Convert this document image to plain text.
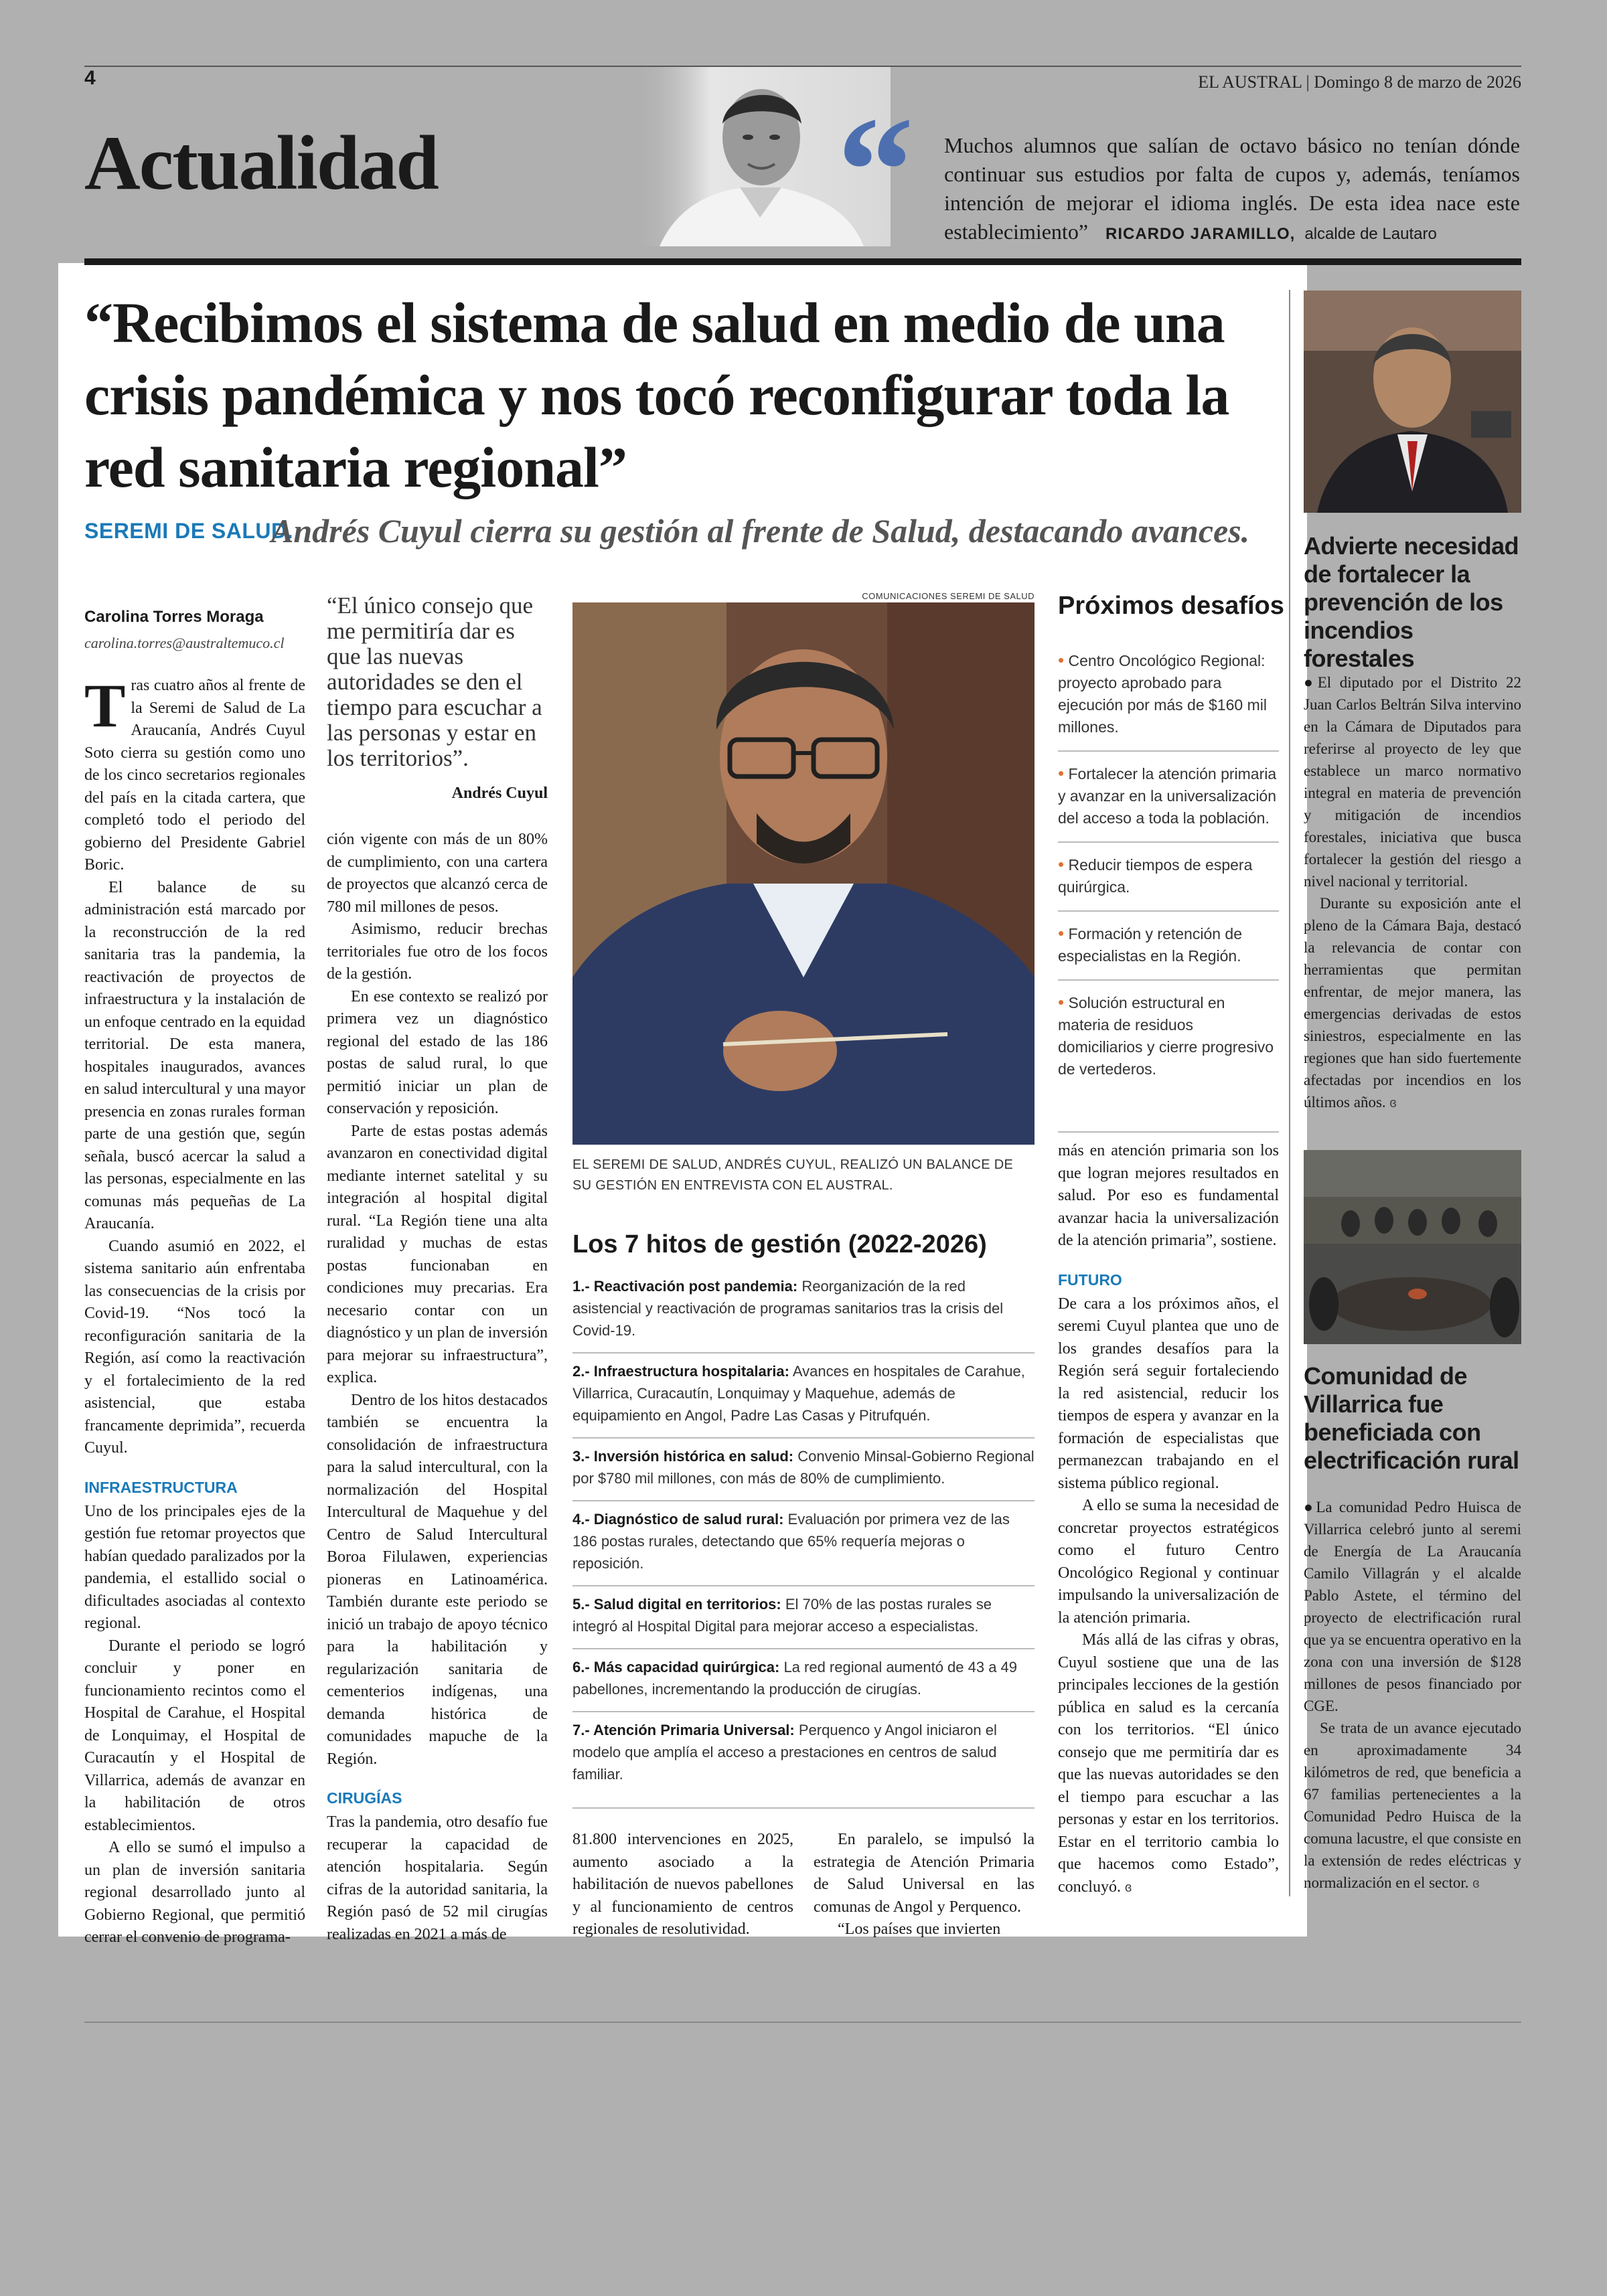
4	EL AUSTRAL | Domingo 8 de marzo de 2026
Actualidad	“ Muchos alumnos que salían de octavo básico no tenían dónde continuar sus estudios por falta de cupos y, además, teníamos intención de mejorar el idioma inglés. De esta idea nace este establecimiento” RICARDO JARAMILLO, alcalde de Lautaro
“Recibimos el sistema de salud en medio de una crisis pandémica y nos tocó reconfigurar toda la red sanitaria regional”
SEREMI DE SALUD.
Andrés Cuyul cierra su gestión al frente de Salud, destacando avances.
Carolina Torres Moraga
carolina.torres@australtemuco.cl

Tras cuatro años al frente de la Seremi de Salud de La Araucanía, Andrés Cuyul Soto cierra su gestión como uno de los cinco secretarios regionales del país en la citada cartera, que completó todo el periodo del gobierno del Presidente Gabriel Boric.

El balance de su administración está marcado por la reconstrucción de la red sanitaria tras la pandemia, la reactivación de proyectos de infraestructura y la instalación de un enfoque centrado en la equidad territorial. De esta manera, hospitales inaugurados, avances en salud intercultural y una mayor presencia en zonas rurales forman parte de una gestión que, según señala, buscó acercar la salud a las personas, especialmente en las comunas más pequeñas de La Araucanía.

Cuando asumió en 2022, el sistema sanitario aún enfrentaba las consecuencias de la crisis por Covid-19. “Nos tocó la reconfiguración sanitaria de la Región, así como la reactivación y el fortalecimiento de la red asistencial, que estaba francamente deprimida”, recuerda Cuyul.

INFRAESTRUCTURA

Uno de los principales ejes de la gestión fue retomar proyectos que habían quedado paralizados por la pandemia, el estallido social o dificultades asociadas al contexto regional.

Durante el periodo se logró concluir y poner en funcionamiento recintos como el Hospital de Carahue, el Hospital de Lonquimay, el Hospital de Curacautín y el Hospital de Villarrica, además de avanzar en la habilitación de otros establecimientos.

A ello se sumó el impulso a un plan de inversión sanitaria regional desarrollado junto al Gobierno Regional, que permitió cerrar el convenio de programa-

“El único consejo que me permitiría dar es que las nuevas autoridades se den el tiempo para escuchar a las personas y estar en los territorios”.
Andrés Cuyul

ción vigente con más de un 80% de cumplimiento, con una cartera de proyectos que alcanzó cerca de 780 mil millones de pesos.

Asimismo, reducir brechas territoriales fue otro de los focos de la gestión.

En ese contexto se realizó por primera vez un diagnóstico regional del estado de las 186 postas de salud rural, lo que permitió iniciar un plan de conservación y reposición.

Parte de estas postas además avanzaron en conectividad digital mediante internet satelital y su integración al hospital digital rural. “La Región tiene una alta ruralidad y muchas de estas postas funcionaban en condiciones muy precarias. Era necesario contar con un diagnóstico y un plan de inversión para mejorar su infraestructura”, explica.

Dentro de los hitos destacados también se encuentra la consolidación de infraestructura para la salud intercultural, con la normalización del Hospital Intercultural de Maquehue y del Centro de Salud Intercultural Boroa Filulawen, experiencias pioneras en Latinoamérica. También durante este periodo se inició un trabajo de apoyo técnico para la habilitación y regularización sanitaria de cementerios indígenas, una demanda histórica de comunidades mapuche de la Región.

CIRUGÍAS

Tras la pandemia, otro desafío fue recuperar la capacidad de atención hospitalaria. Según cifras de la autoridad sanitaria, la Región pasó de 52 mil cirugías realizadas en 2021 a más de

COMUNICACIONES SEREMI DE SALUD
EL SEREMI DE SALUD, ANDRÉS CUYUL, REALIZÓ UN BALANCE DE SU GESTIÓN EN ENTREVISTA CON EL AUSTRAL.
Los 7 hitos de gestión (2022-2026)
1.- Reactivación post pandemia: Reorganización de la red asistencial y reactivación de programas sanitarios tras la crisis del Covid-19.
2.- Infraestructura hospitalaria: Avances en hospitales de Carahue, Villarrica, Curacautín, Lonquimay y Maquehue, además de equipamiento en Angol, Padre Las Casas y Pitrufquén.
3.- Inversión histórica en salud: Convenio Minsal-Gobierno Regional por $780 mil millones, con más de 80% de cumplimiento.
4.- Diagnóstico de salud rural: Evaluación por primera vez de las 186 postas rurales, detectando que 65% requería mejoras o reposición.
5.- Salud digital en territorios: El 70% de las postas rurales se integró al Hospital Digital para mejorar acceso a especialistas.
6.- Más capacidad quirúrgica: La red regional aumentó de 43 a 49 pabellones, incrementando la producción de cirugías.
7.- Atención Primaria Universal: Perquenco y Angol iniciaron el modelo que amplía el acceso a prestaciones en centros de salud familiar.

81.800 intervenciones en 2025, aumento asociado a la habilitación de nuevos pabellones y al funcionamiento de centros regionales de resolutividad.

En paralelo, se impulsó la estrategia de Atención Primaria de Salud Universal en las comunas de Angol y Perquenco.

“Los países que invierten

Próximos desafíos
• Centro Oncológico Regional: proyecto aprobado para ejecución por más de $160 mil millones.
• Fortalecer la atención primaria y avanzar en la universalización del acceso a toda la población.
• Reducir tiempos de espera quirúrgica.
• Formación y retención de especialistas en la Región.
• Solución estructural en materia de residuos domiciliarios y cierre progresivo de vertederos.

más en atención primaria son los que logran mejores resultados en salud. Por eso es fundamental avanzar hacia la universalización de la atención primaria”, sostiene.

FUTURO

De cara a los próximos años, el seremi Cuyul plantea que uno de los grandes desafíos para la Región será seguir fortaleciendo la red asistencial, reducir los tiempos de espera y avanzar en la formación de especialistas que permanezcan trabajando en el sistema público regional.

A ello se suma la necesidad de concretar proyectos estratégicos como el futuro Centro Oncológico Regional y continuar impulsando la universalización de la atención primaria.

Más allá de las cifras y obras, Cuyul sostiene que una de las principales lecciones de la gestión pública en salud es la cercanía con los territorios. “El único consejo que me permitiría dar es que las nuevas autoridades se den el tiempo para escuchar a las personas y estar en los territorios. Estar en el territorio cambia lo que hacemos como Estado”, concluyó. ɞ

Advierte necesidad de fortalecer la prevención de los incendios forestales

●El diputado por el Distrito 22 Juan Carlos Beltrán Silva intervino en la Cámara de Diputados para referirse al proyecto de ley que establece un marco normativo integral en materia de prevención y mitigación de incendios forestales, iniciativa que busca fortalecer la gestión del riesgo a nivel nacional y territorial.

Durante su exposición ante el pleno de la Cámara Baja, destacó la relevancia de contar con herramientas que permitan enfrentar, de mejor manera, las emergencias derivadas de estos siniestros, especialmente en las regiones que han sido fuertemente afectadas por incendios en los últimos años. ɞ

Comunidad de Villarrica fue beneficiada con electrificación rural

●La comunidad Pedro Huisca de Villarrica celebró junto al seremi de Energía de La Araucanía Camilo Villagrán y el alcalde Pablo Astete, el término del proyecto de electrificación rural que ya se encuentra operativo en la zona con una inversión de $128 millones de pesos financiado por CGE.

Se trata de un avance ejecutado en aproximadamente 34 kilómetros de red, que beneficia a 67 familias pertenecientes a la Comunidad Pedro Huisca de la comuna lacustre, el que consiste en la extensión de redes eléctricas y normalización en el sector. ɞ
